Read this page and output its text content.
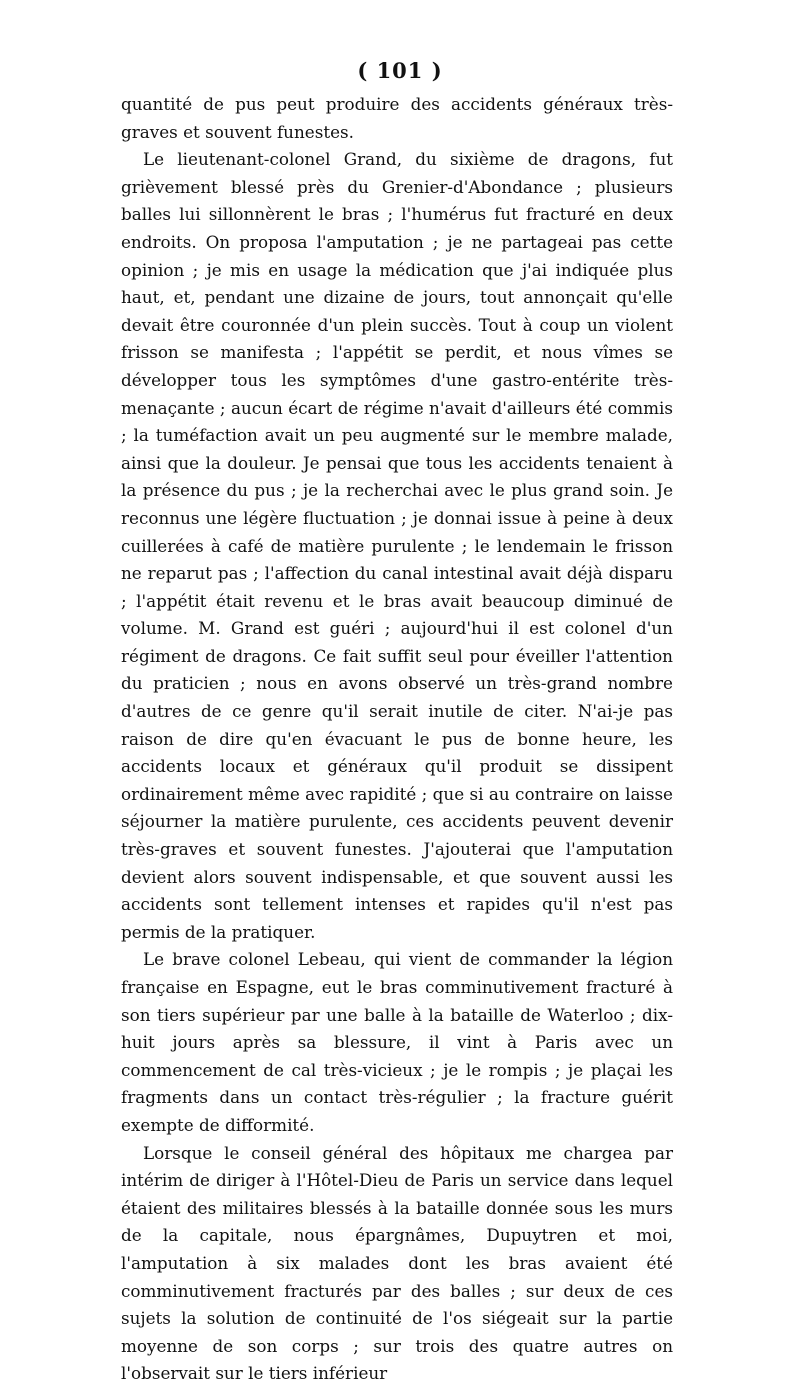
( 101 )

quantité de pus peut produire des accidents généraux très-graves et souvent funestes.

Le lieutenant-colonel Grand, du sixième de dragons, fut grièvement blessé près du Grenier-d'Abondance ; plusieurs balles lui sillonnèrent le bras ; l'humérus fut fracturé en deux endroits. On proposa l'amputation ; je ne partageai pas cette opinion ; je mis en usage la médication que j'ai indiquée plus haut, et, pendant une dizaine de jours, tout annonçait qu'elle devait être couronnée d'un plein succès. Tout à coup un violent frisson se manifesta ; l'appétit se perdit, et nous vîmes se développer tous les symptômes d'une gastro-entérite très-menaçante ; aucun écart de régime n'avait d'ailleurs été commis ; la tuméfaction avait un peu augmenté sur le membre malade, ainsi que la douleur. Je pensai que tous les accidents tenaient à la présence du pus ; je la recherchai avec le plus grand soin. Je reconnus une légère fluctuation ; je donnai issue à peine à deux cuillerées à café de matière purulente ; le lendemain le frisson ne reparut pas ; l'affection du canal intestinal avait déjà disparu ; l'appétit était revenu et le bras avait beaucoup diminué de volume. M. Grand est guéri ; aujourd'hui il est colonel d'un régiment de dragons. Ce fait suffit seul pour éveiller l'attention du praticien ; nous en avons observé un très-grand nombre d'autres de ce genre qu'il serait inutile de citer. N'ai-je pas raison de dire qu'en évacuant le pus de bonne heure, les accidents locaux et généraux qu'il produit se dissipent ordinairement même avec rapidité ; que si au contraire on laisse séjourner la matière purulente, ces accidents peuvent devenir très-graves et souvent funestes. J'ajouterai que l'amputation devient alors souvent indispensable, et que souvent aussi les accidents sont tellement intenses et rapides qu'il n'est pas permis de la pratiquer.

Le brave colonel Lebeau, qui vient de commander la légion française en Espagne, eut le bras comminutivement fracturé à son tiers supérieur par une balle à la bataille de Waterloo ; dix-huit jours après sa blessure, il vint à Paris avec un commencement de cal très-vicieux ; je le rompis ; je plaçai les fragments dans un contact très-régulier ; la fracture guérit exempte de difformité.

Lorsque le conseil général des hôpitaux me chargea par intérim de diriger à l'Hôtel-Dieu de Paris un service dans lequel étaient des militaires blessés à la bataille donnée sous les murs de la capitale, nous épargnâmes, Dupuytren et moi, l'amputation à six malades dont les bras avaient été comminutivement fracturés par des balles ; sur deux de ces sujets la solution de continuité de l'os siégeait sur la partie moyenne de son corps ; sur trois des quatre autres on l'observait sur le tiers inférieur
